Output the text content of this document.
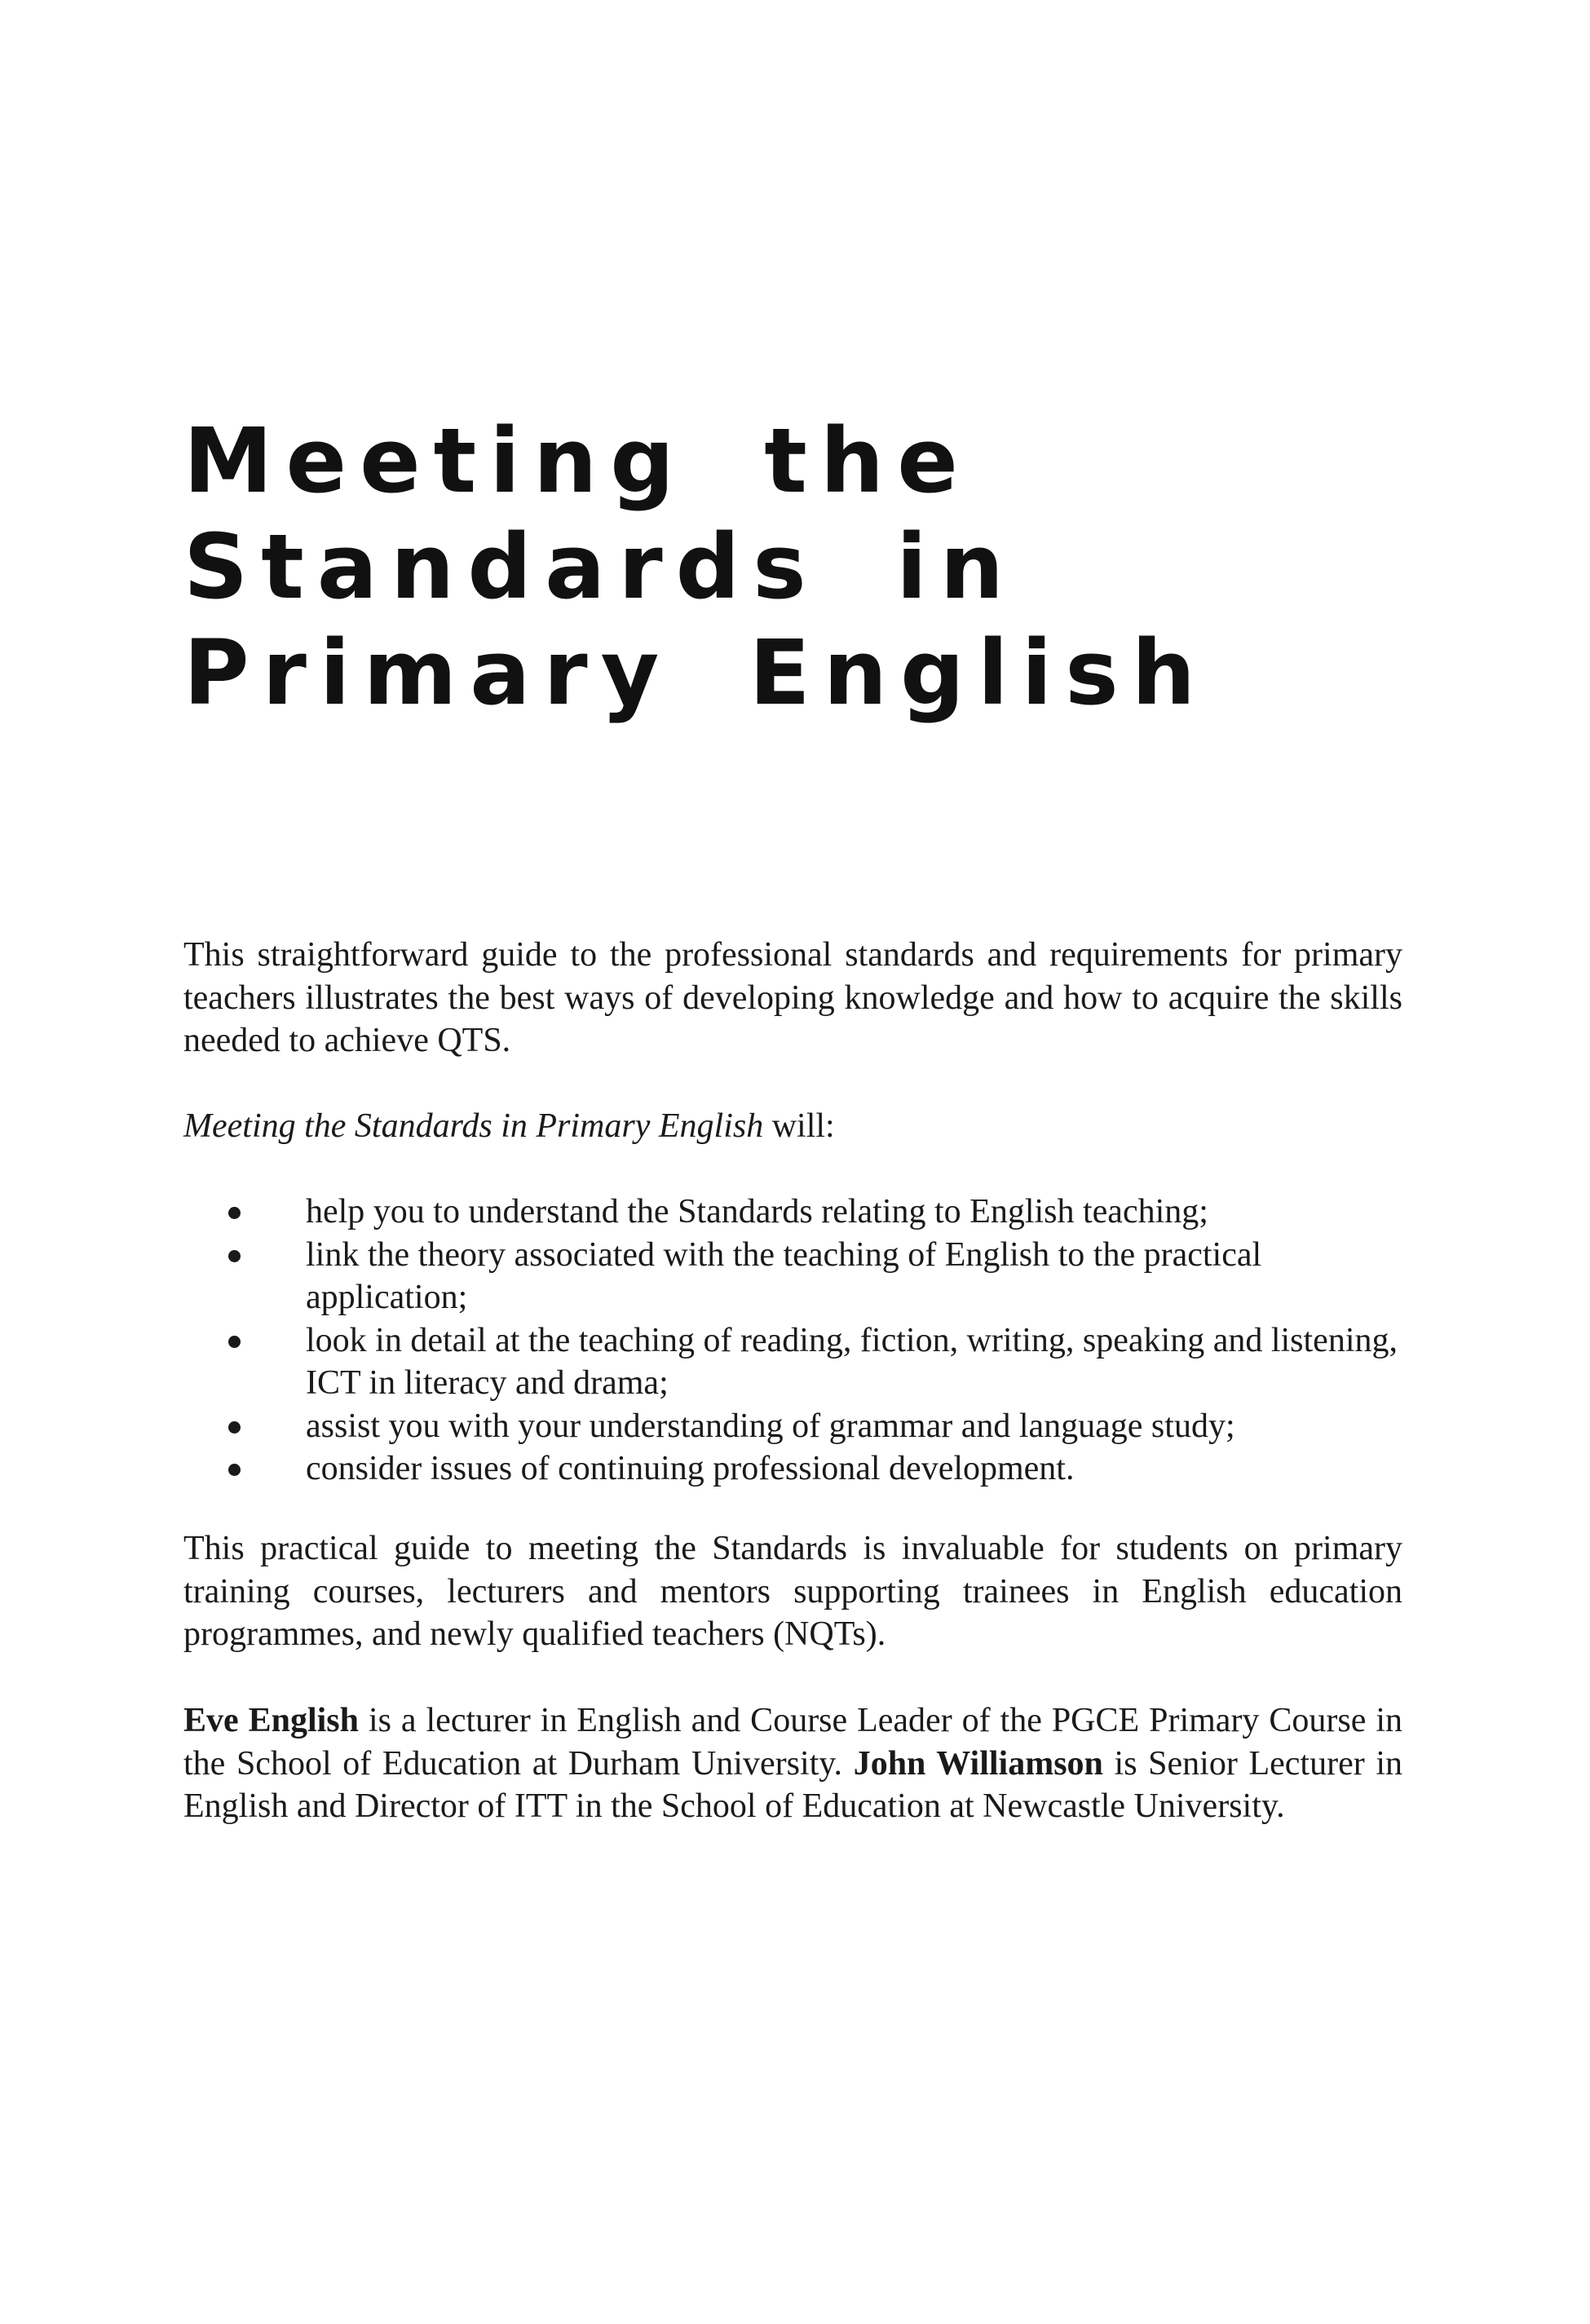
Meeting the
Standards in
Primary English

This straightforward guide to the professional standards and requirements for primary teachers illustrates the best ways of developing knowledge and how to acquire the skills needed to achieve QTS.

Meeting the Standards in Primary English will:

help you to understand the Standards relating to English teaching;
link the theory associated with the teaching of English to the practical application;
look in detail at the teaching of reading, fiction, writing, speaking and listening, ICT in literacy and drama;
assist you with your understanding of grammar and language study;
consider issues of continuing professional development.

This practical guide to meeting the Standards is invaluable for students on primary training courses, lecturers and mentors supporting trainees in English education programmes, and newly qualified teachers (NQTs).

Eve English is a lecturer in English and Course Leader of the PGCE Primary Course in the School of Education at Durham University. John Williamson is Senior Lecturer in English and Director of ITT in the School of Education at Newcastle University.
